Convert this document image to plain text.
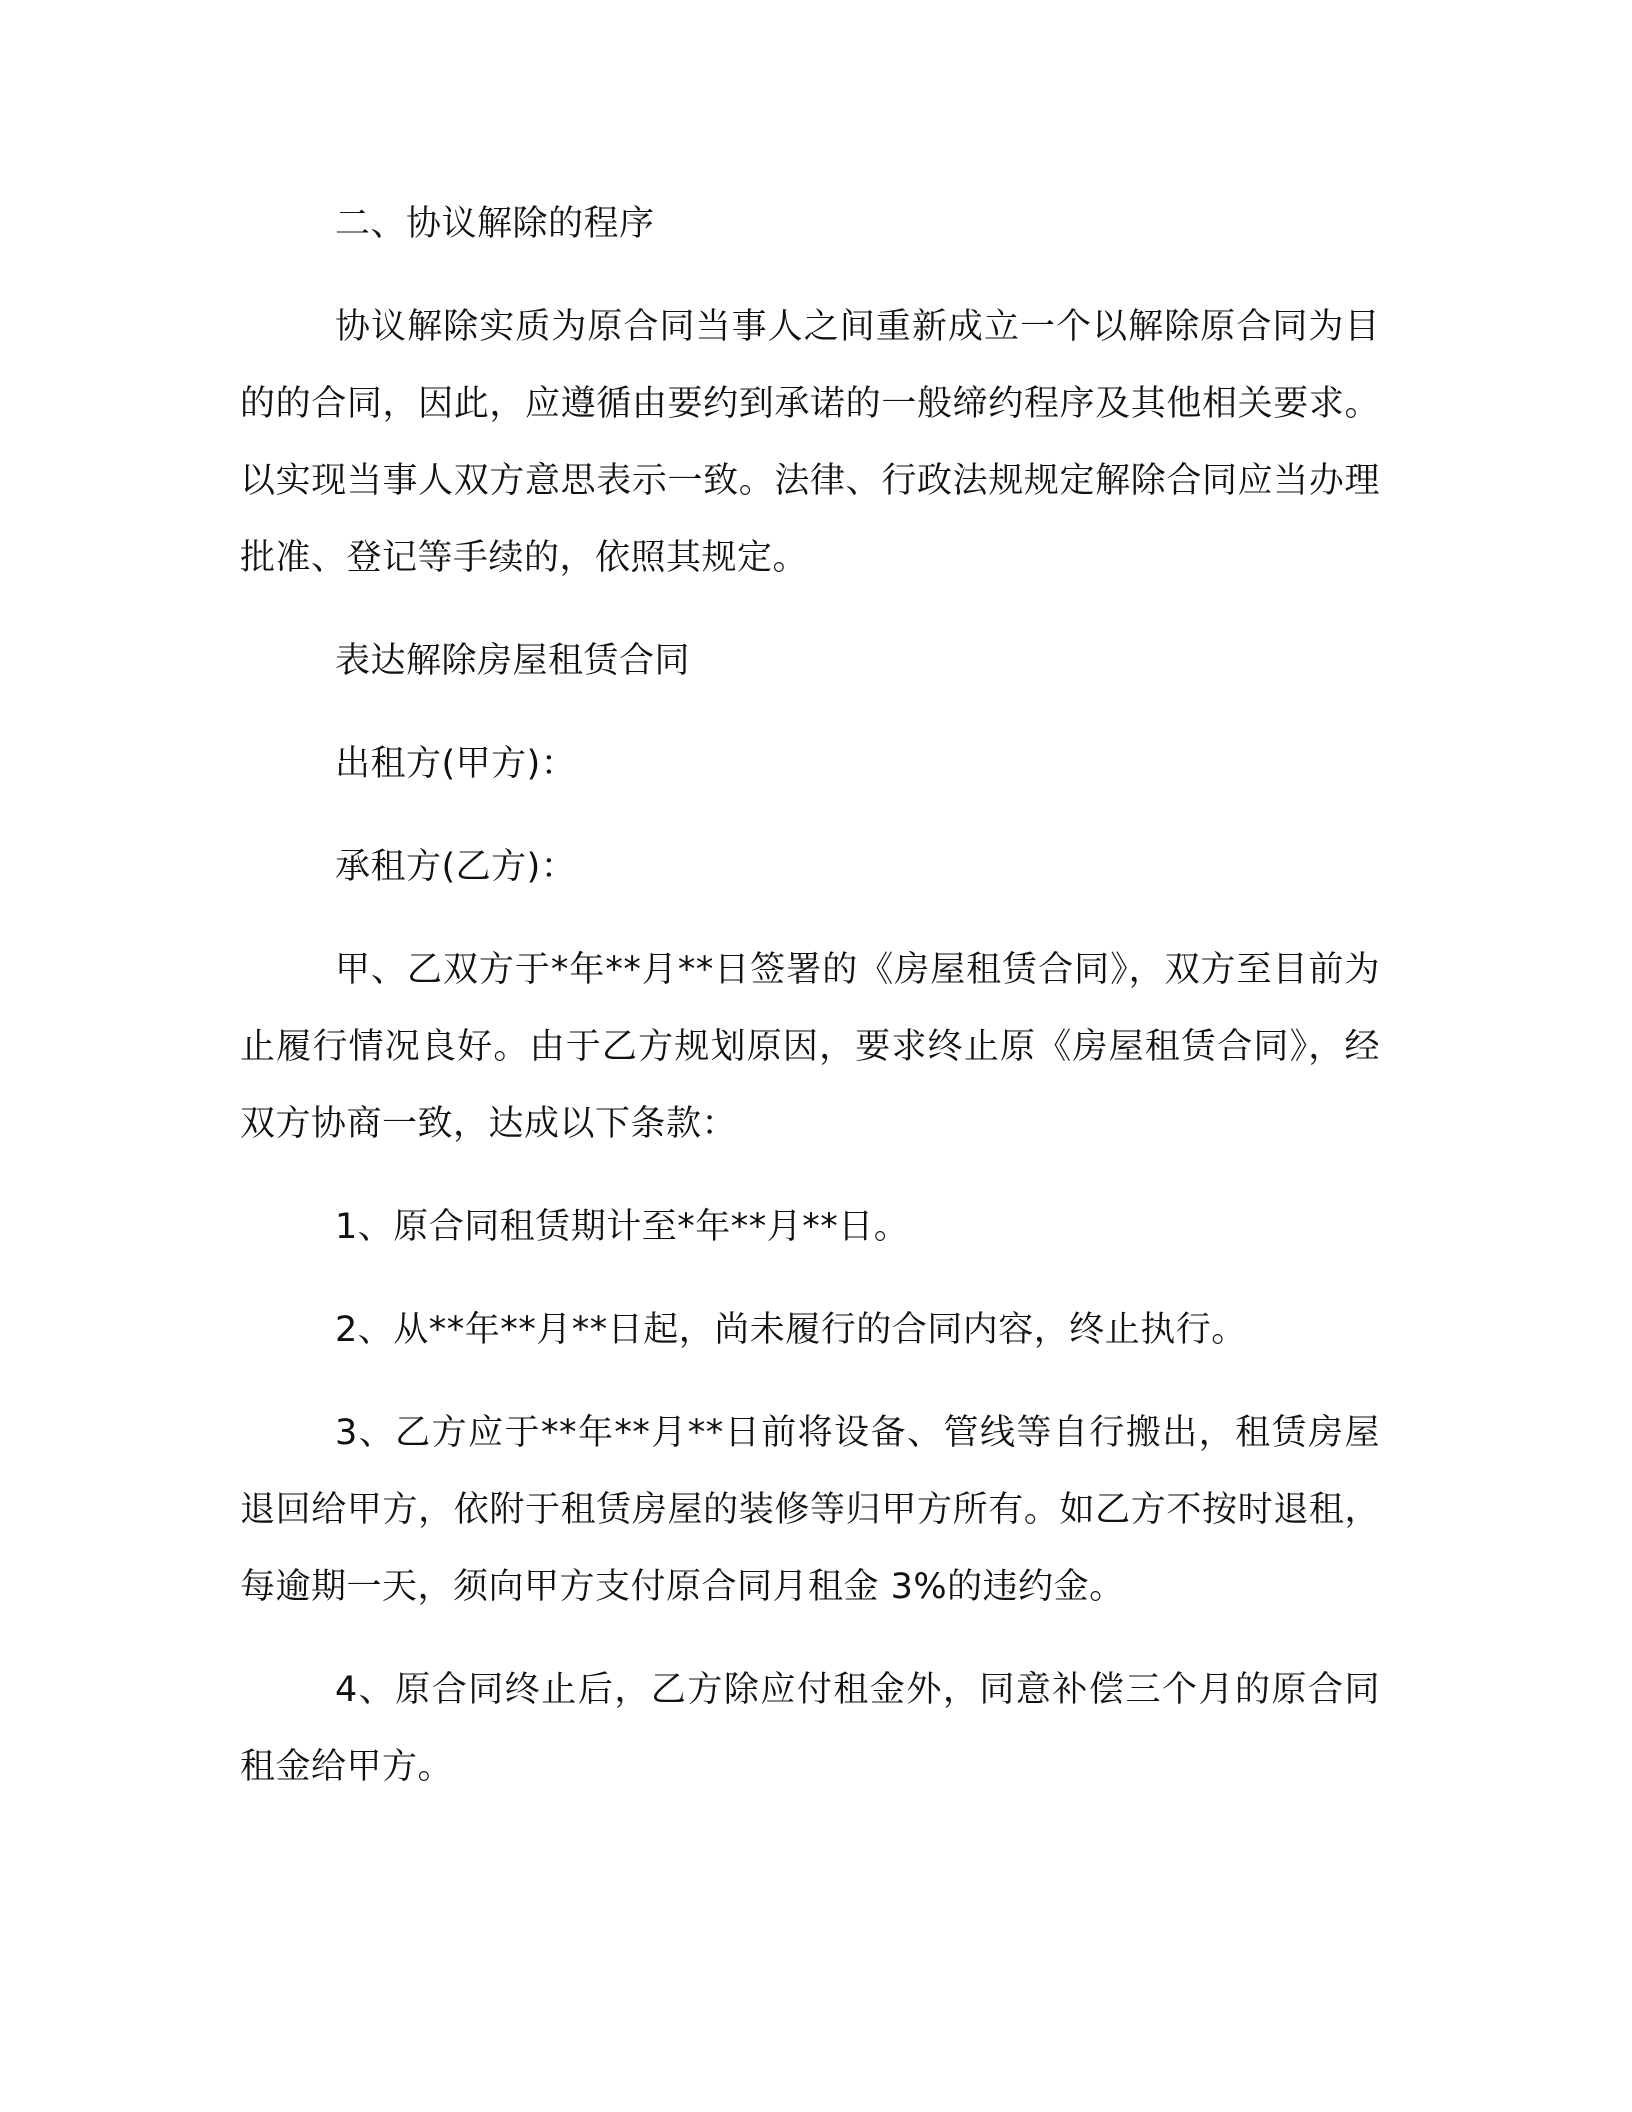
二、协议解除的程序

协议解除实质为原合同当事人之间重新成立一个以解除原合同为目的的合同，因此，应遵循由要约到承诺的一般缔约程序及其他相关要求。以实现当事人双方意思表示一致。法律、行政法规规定解除合同应当办理批准、登记等手续的，依照其规定。

表达解除房屋租赁合同

出租方(甲方)：

承租方(乙方)：

甲、乙双方于*年**月**日签署的《房屋租赁合同》，双方至目前为止履行情况良好。由于乙方规划原因，要求终止原《房屋租赁合同》，经双方协商一致，达成以下条款：

1、原合同租赁期计至*年**月**日。

2、从**年**月**日起，尚未履行的合同内容，终止执行。

3、乙方应于**年**月**日前将设备、管线等自行搬出，租赁房屋退回给甲方，依附于租赁房屋的装修等归甲方所有。如乙方不按时退租，每逾期一天，须向甲方支付原合同月租金 3%的违约金。

4、原合同终止后，乙方除应付租金外，同意补偿三个月的原合同租金给甲方。
